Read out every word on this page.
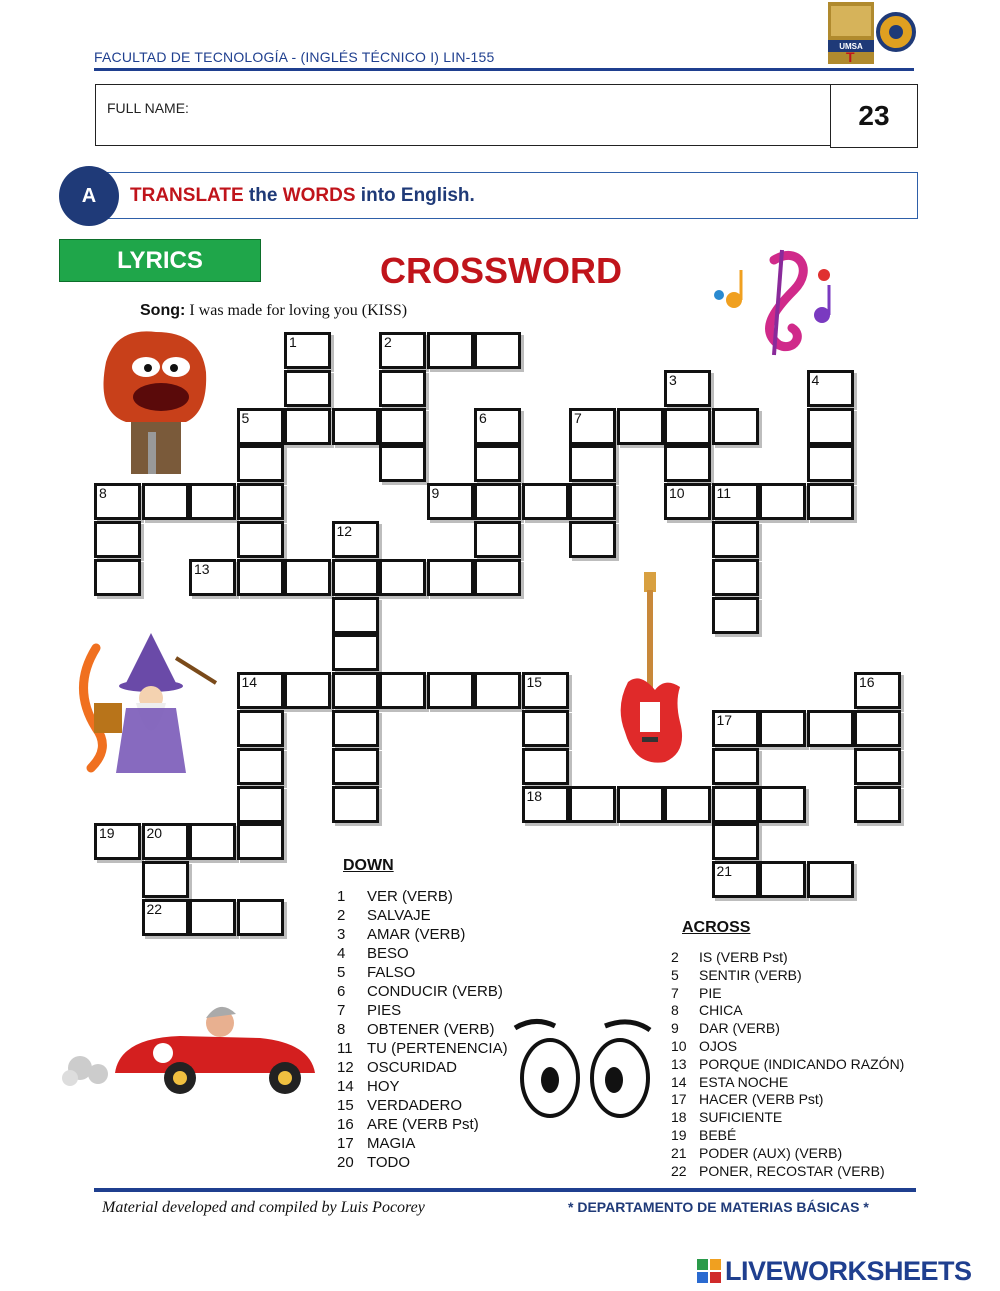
FACULTAD DE TECNOLOGÍA - (INGLÉS TÉCNICO I) LIN-155
UMSA
T
FULL NAME:	23
A	TRANSLATE the WORDS into English.
LYRICS	CROSSWORD
Song: I was made for loving you (KISS)
1	2
3	4
5	6	7
8	9	10 11
12
13
14	15	16
17
18
19 20
21
22
DOWN
1 VER (VERB)
2 SALVAJE
3 AMAR (VERB)
4 BESO
5 FALSO
6 CONDUCIR (VERB)
7 PIES
8 OBTENER (VERB)
11 TU (PERTENENCIA)
12 OSCURIDAD
14 HOY
15 VERDADERO
16 ARE (VERB Pst)
17 MAGIA
20 TODO
ACROSS
2 IS (VERB Pst)
5 SENTIR (VERB)
7 PIE
8 CHICA
9 DAR (VERB)
10 OJOS
13 PORQUE (INDICANDO RAZÓN)
14 ESTA NOCHE
17 HACER (VERB Pst)
18 SUFICIENTE
19 BEBÉ
21 PODER (AUX) (VERB)
22 PONER, RECOSTAR (VERB)
Material developed and compiled by Luis Pocorey	* DEPARTAMENTO DE MATERIAS BÁSICAS *
LIVEWORKSHEETS
